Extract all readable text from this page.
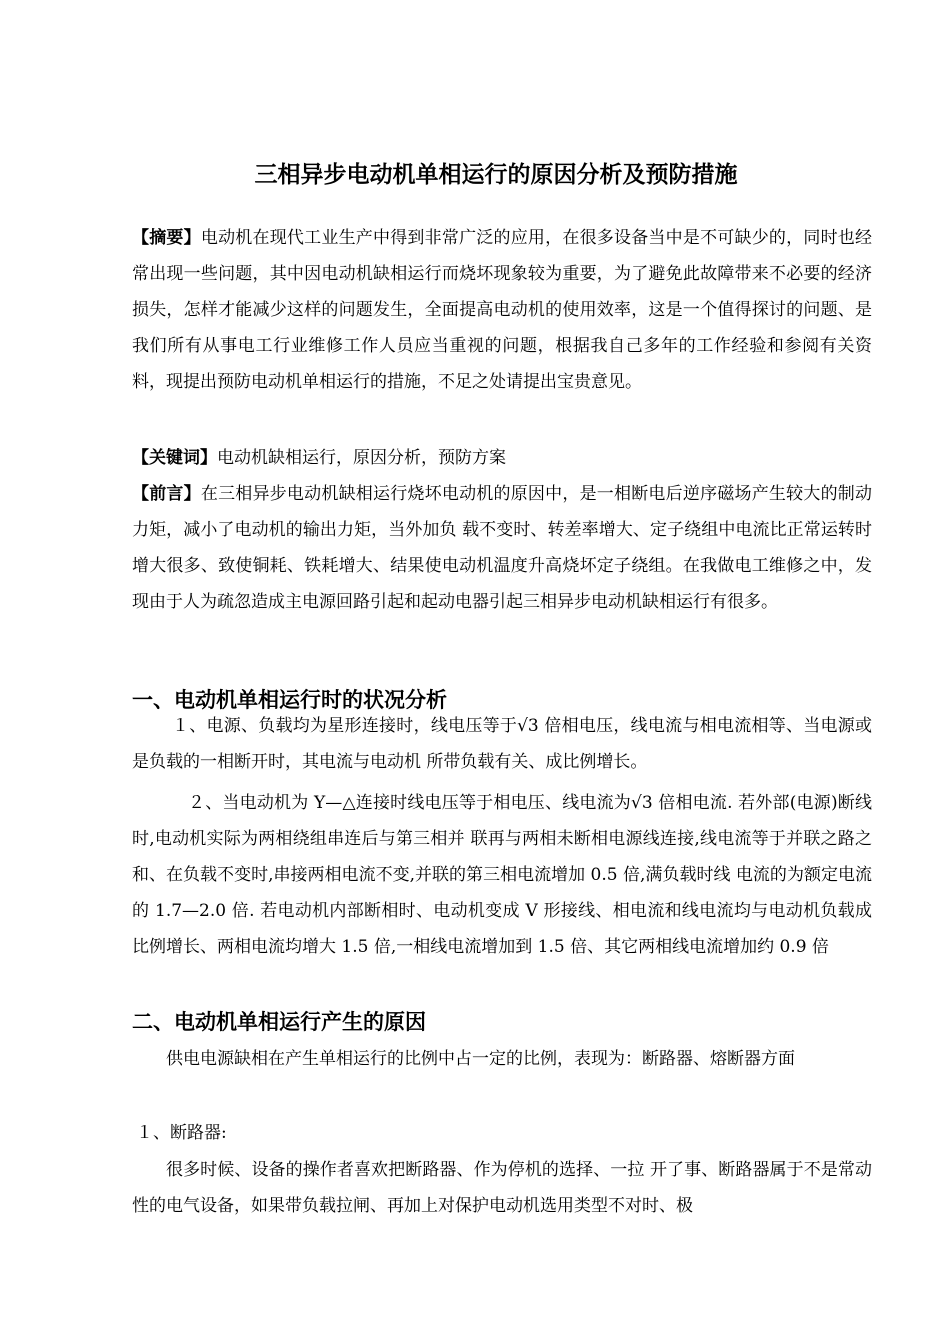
三相异步电动机单相运行的原因分析及预防措施

【摘要】电动机在现代工业生产中得到非常广泛的应用，在很多设备当中是不可缺少的，同时也经常出现一些问题，其中因电动机缺相运行而烧坏现象较为重要，为了避免此故障带来不必要的经济损失，怎样才能减少这样的问题发生，全面提高电动机的使用效率，这是一个值得探讨的问题、是我们所有从事电工行业维修工作人员应当重视的问题，根据我自己多年的工作经验和参阅有关资料，现提出预防电动机单相运行的措施，不足之处请提出宝贵意见。

【关键词】电动机缺相运行，原因分析，预防方案

【前言】在三相异步电动机缺相运行烧坏电动机的原因中，是一相断电后逆序磁场产生较大的制动力矩，减小了电动机的输出力矩，当外加负 载不变时、转差率增大、定子绕组中电流比正常运转时增大很多、致使铜耗、铁耗增大、结果使电动机温度升高烧坏定子绕组。在我做电工维修之中，发现由于人为疏忽造成主电源回路引起和起动电器引起三相异步电动机缺相运行有很多。

一、电动机单相运行时的状况分析

１、电源、负载均为星形连接时，线电压等于√3 倍相电压，线电流与相电流相等、当电源或是负载的一相断开时，其电流与电动机 所带负载有关、成比例增长。

２、当电动机为 Y—△连接时线电压等于相电压、线电流为√3 倍相电流. 若外部(电源)断线时,电动机实际为两相绕组串连后与第三相并 联再与两相未断相电源线连接,线电流等于并联之路之和、在负载不变时,串接两相电流不变,并联的第三相电流增加 0.5 倍,满负载时线 电流的为额定电流的 1.7—2.0 倍. 若电动机内部断相时、电动机变成 V 形接线、相电流和线电流均与电动机负载成比例增长、两相电流均增大 1.5 倍,一相线电流增加到 1.5 倍、其它两相线电流增加约 0.9 倍

二、电动机单相运行产生的原因

供电电源缺相在产生单相运行的比例中占一定的比例，表现为：断路器、熔断器方面

１、断路器:

很多时候、设备的操作者喜欢把断路器、作为停机的选择、一拉 开了事、断路器属于不是常动性的电气设备，如果带负载拉闸、再加上对保护电动机选用类型不对时、极
